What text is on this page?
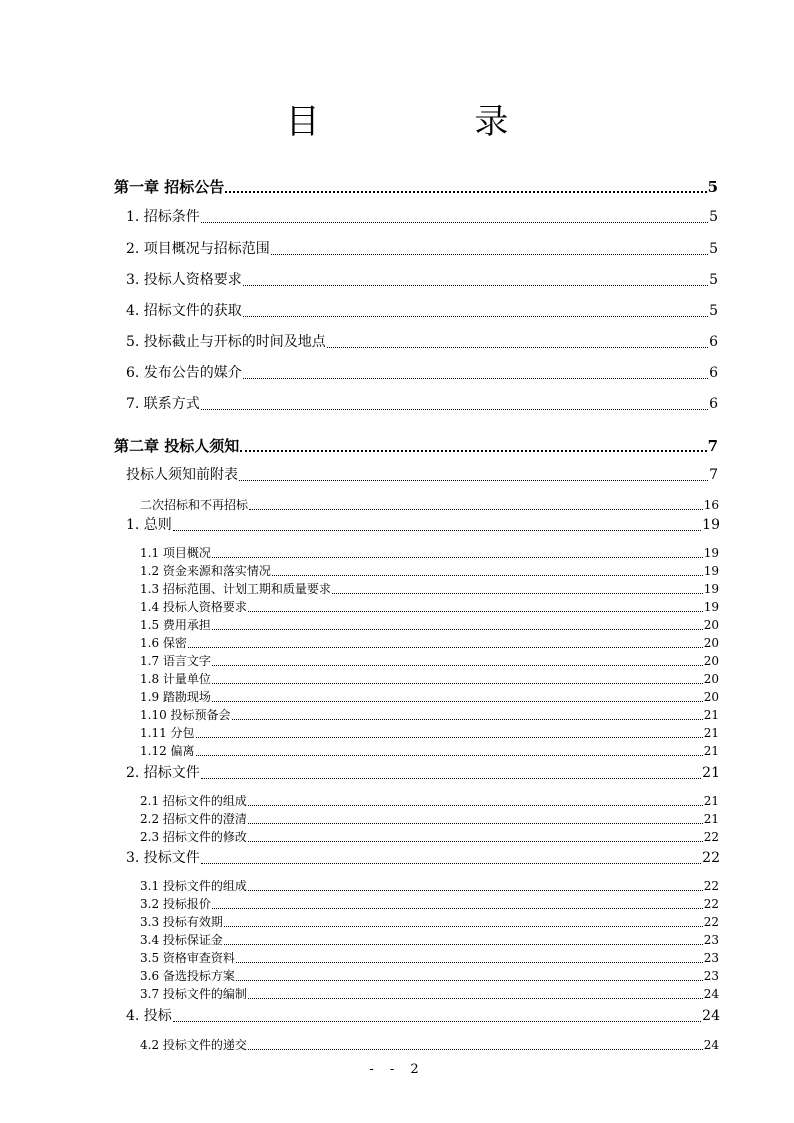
目 录
第一章 招标公告	5
1. 招标条件	5
2. 项目概况与招标范围	5
3. 投标人资格要求	5
4. 招标文件的获取	5
5. 投标截止与开标的时间及地点	6
6. 发布公告的媒介	6
7. 联系方式	6
第二章 投标人须知	7
投标人须知前附表	7
二次招标和不再招标	16
1. 总则	19
1.1 项目概况	19
1.2 资金来源和落实情况	19
1.3 招标范围、计划工期和质量要求	19
1.4 投标人资格要求	19
1.5 费用承担	20
1.6 保密	20
1.7 语言文字	20
1.8 计量单位	20
1.9 踏勘现场	20
1.10 投标预备会	21
1.11 分包	21
1.12 偏离	21
2. 招标文件	21
2.1 招标文件的组成	21
2.2 招标文件的澄清	21
2.3 招标文件的修改	22
3. 投标文件	22
3.1 投标文件的组成	22
3.2 投标报价	22
3.3 投标有效期	22
3.4 投标保证金	23
3.5 资格审查资料	23
3.6 备选投标方案	23
3.7 投标文件的编制	24
4. 投标	24
4.2 投标文件的递交	24
- - 2
